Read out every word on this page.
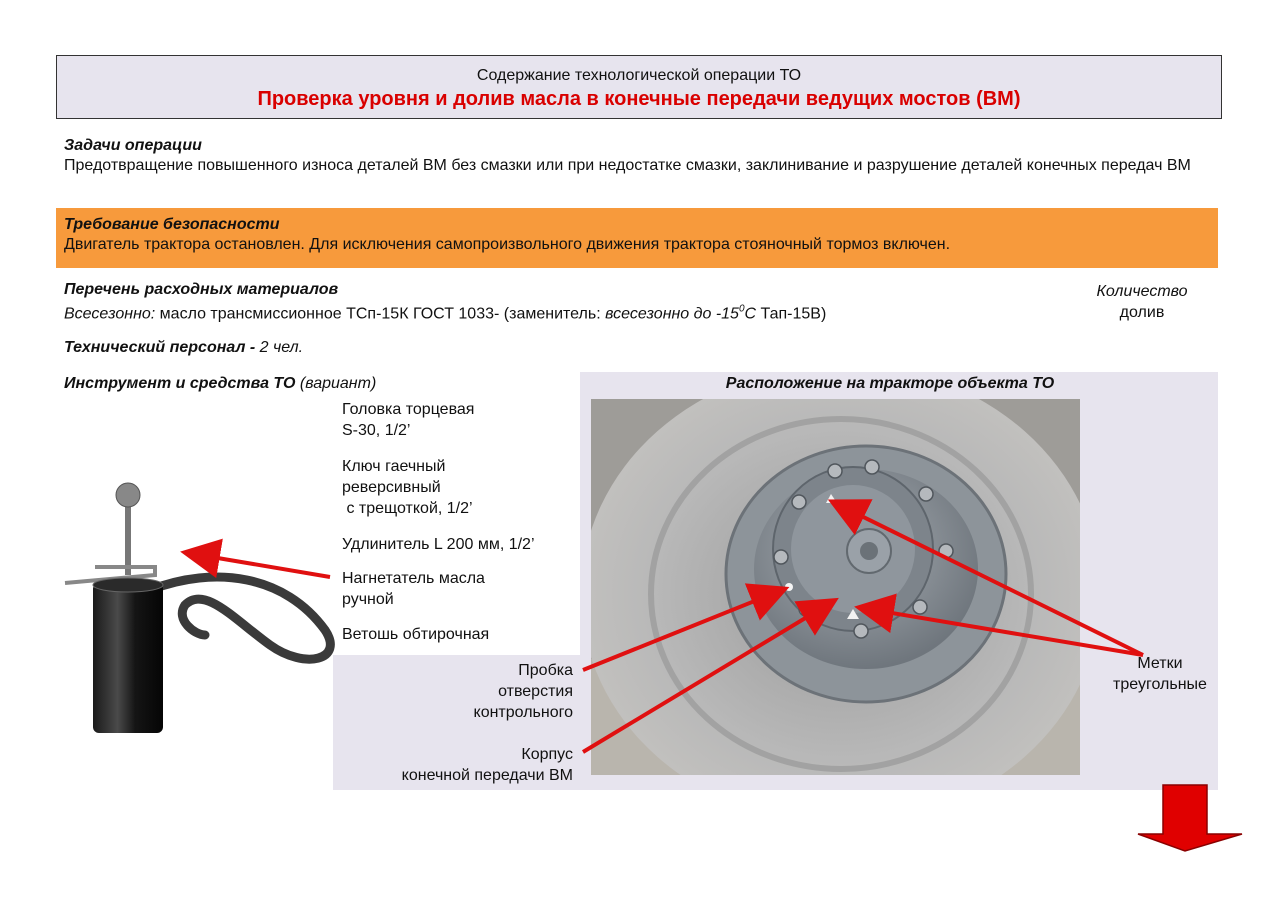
Содержание технологической операции ТО
Проверка уровня и долив масла в конечные передачи ведущих мостов (ВМ)
Задачи операции
Предотвращение повышенного износа деталей ВМ без смазки или при недостатке смазки, заклинивание и разрушение деталей конечных передач ВМ
Требование безопасности
Двигатель трактора остановлен. Для исключения самопроизвольного движения трактора стояночный тормоз включен.
Перечень расходных материалов
Всесезонно: масло трансмиссионное ТСп-15К ГОСТ 1033- (заменитель: всесезонно до $-15^0С$ Тап-15В)
Количество
долив
Технический персонал - 2 чел.
Инструмент и средства ТО (вариант)	Расположение на тракторе объекта ТО
Головка торцевая
S-30, 1/2’
Ключ гаечный
реверсивный
с трещоткой, 1/2’
Удлинитель L 200 мм, 1/2’
Нагнетатель масла
ручной
Ветошь обтирочная
Метки
треугольные
Пробка
отверстия
контрольного
Корпус
конечной передачи ВМ
